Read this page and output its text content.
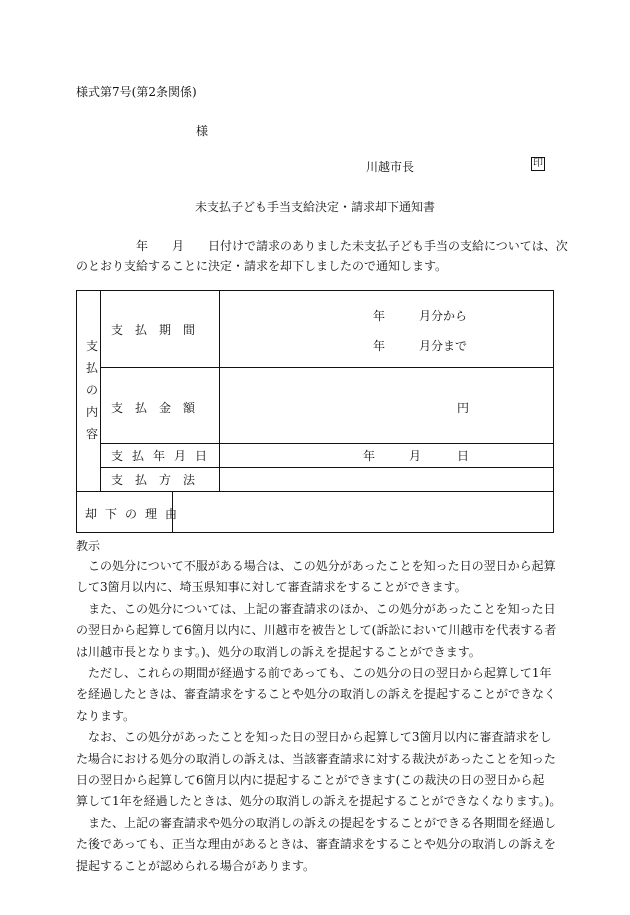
様式第7号(第2条関係)
様
川越市長	印
未支払子ども手当支給決定・請求却下通知書
年 月 日付けで請求のありました未支払子ども手当の支給については、次
のとおり支給することに決定・請求を却下しましたので通知します。
支
払
の
内
容
支　払　期　間
年	月分から
年	月分まで
支　払　金　額	円
支払年月日	年	月	日
支　払　方　法
却下の理由
教示

　この処分について不服がある場合は、この処分があったことを知った日の翌日から起算

して3箇月以内に、埼玉県知事に対して審査請求をすることができます。

　また、この処分については、上記の審査請求のほか、この処分があったことを知った日

の翌日から起算して6箇月以内に、川越市を被告として(訴訟において川越市を代表する者

は川越市長となります。)、処分の取消しの訴えを提起することができます。

　ただし、これらの期間が経過する前であっても、この処分の日の翌日から起算して1年

を経過したときは、審査請求をすることや処分の取消しの訴えを提起することができなく

なります。

　なお、この処分があったことを知った日の翌日から起算して3箇月以内に審査請求をし

た場合における処分の取消しの訴えは、当該審査請求に対する裁決があったことを知った

日の翌日から起算して6箇月以内に提起することができます(この裁決の日の翌日から起

算して1年を経過したときは、処分の取消しの訴えを提起することができなくなります。)。

　また、上記の審査請求や処分の取消しの訴えの提起をすることができる各期間を経過し

た後であっても、正当な理由があるときは、審査請求をすることや処分の取消しの訴えを

提起することが認められる場合があります。
